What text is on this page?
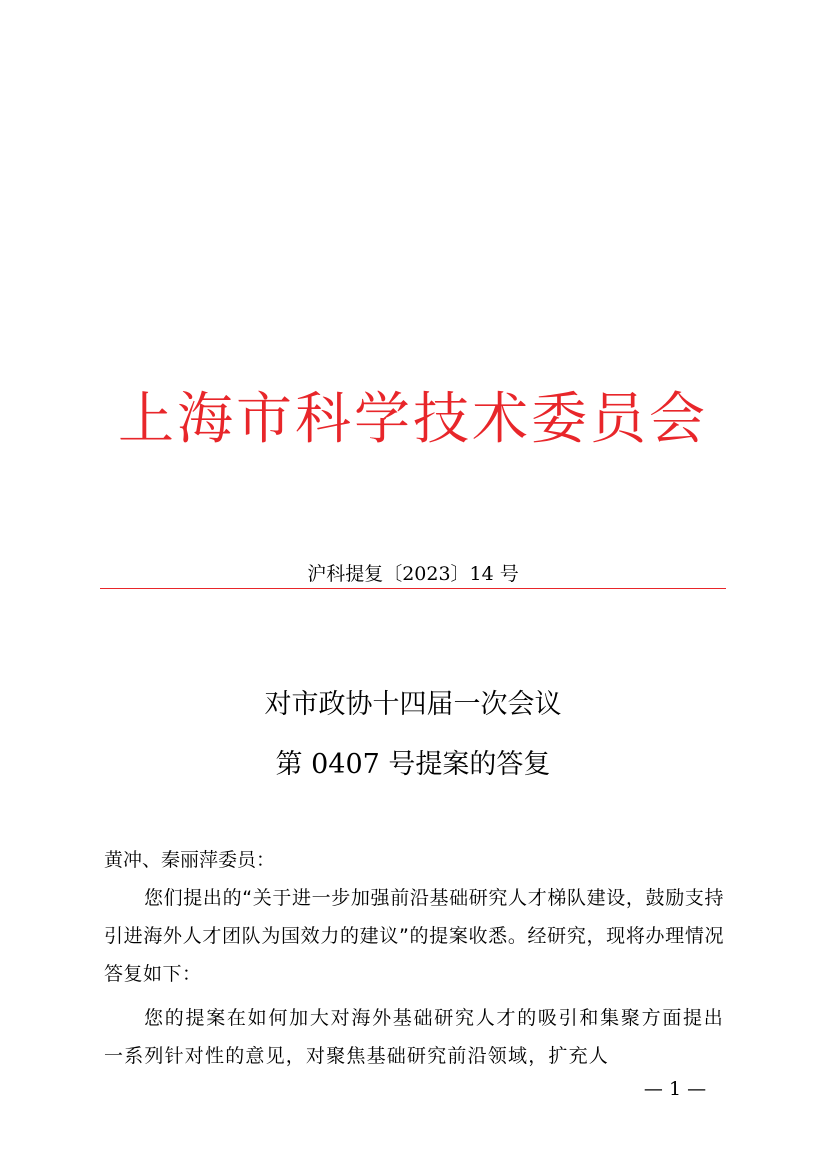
上海市科学技术委员会
沪科提复〔2023〕14 号
对市政协十四届一次会议
第 0407 号提案的答复
黄冲、秦丽萍委员：
您们提出的“关于进一步加强前沿基础研究人才梯队建设，鼓励支持引进海外人才团队为国效力的建议”的提案收悉。经研究，现将办理情况答复如下：
您的提案在如何加大对海外基础研究人才的吸引和集聚方面提出一系列针对性的意见，对聚焦基础研究前沿领域，扩充人
— 1 —
